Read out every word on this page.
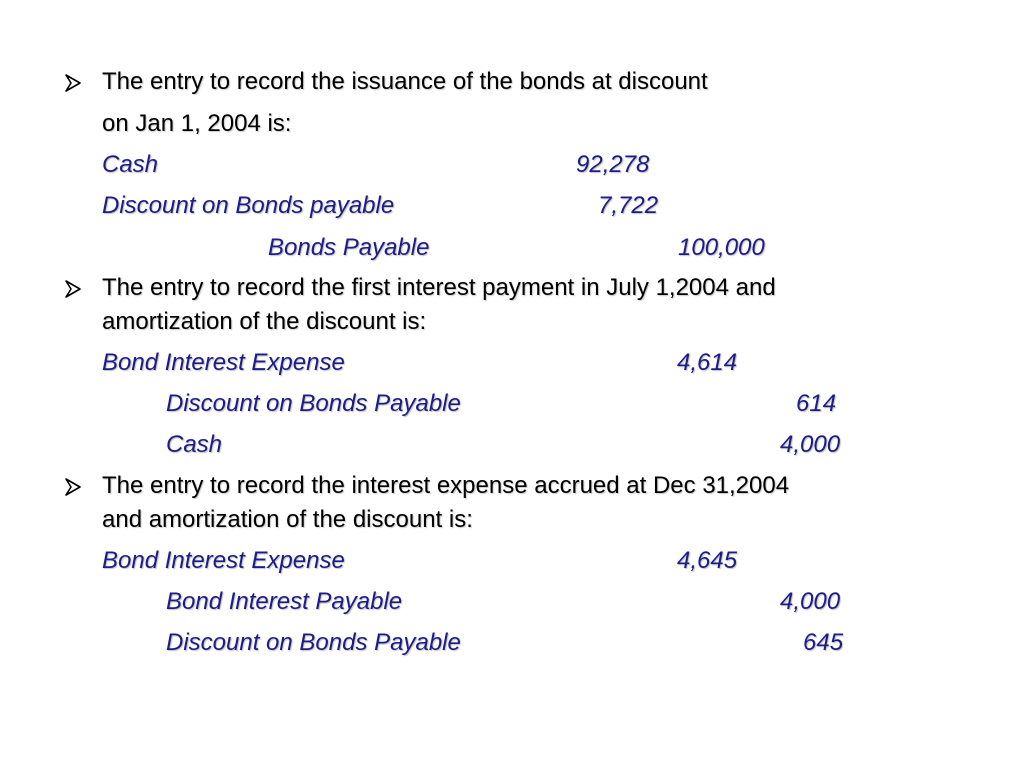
The entry to record the issuance of the bonds at discount
on Jan 1, 2004 is:
Cash	92,278
Discount on Bonds payable	7,722
Bonds Payable	100,000
The entry to record the first interest payment in July 1,2004 and
amortization of the discount is:
Bond Interest Expense	4,614
Discount on Bonds Payable	614
Cash	4,000
The entry to record the interest expense accrued at Dec 31,2004
and amortization of the discount is:
Bond Interest Expense	4,645
Bond Interest Payable	4,000
Discount on Bonds Payable	645
